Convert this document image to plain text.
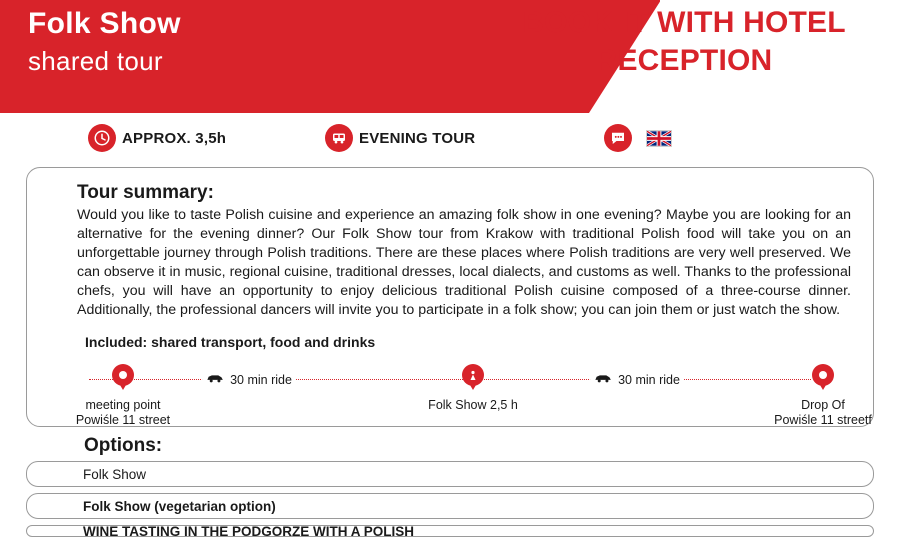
Folk Show
shared tour
BOOK IT WITH HOTEL RECEPTION
APPROX. 3,5h	EVENING TOUR
Tour summary:

Would you like to taste Polish cuisine and experience an amazing folk show in one evening? Maybe you are looking for an alternative for the evening dinner? Our Folk Show tour from Krakow with traditional Polish food will take you on an unforgettable journey through Polish traditions. There are these places where Polish traditions are very well preserved. We can observe it in music, regional cuisine, traditional dresses, local dialects, and customs as well. Thanks to the professional chefs, you will have an opportunity to enjoy delicious traditional Polish cuisine composed of a three-course dinner. Additionally, the professional dancers will invite you to participate in a folk show; you can join them or just watch the show.

Included: shared transport, food and drinks
meeting point
Powiśle 11 street
30 min ride
Folk Show 2,5 h
30 min ride
Drop Of
Powiśle 11 streetf
Options:
Folk Show
Folk Show (vegetarian option)
WINE TASTING IN THE PODGORZE WITH A POLISH
